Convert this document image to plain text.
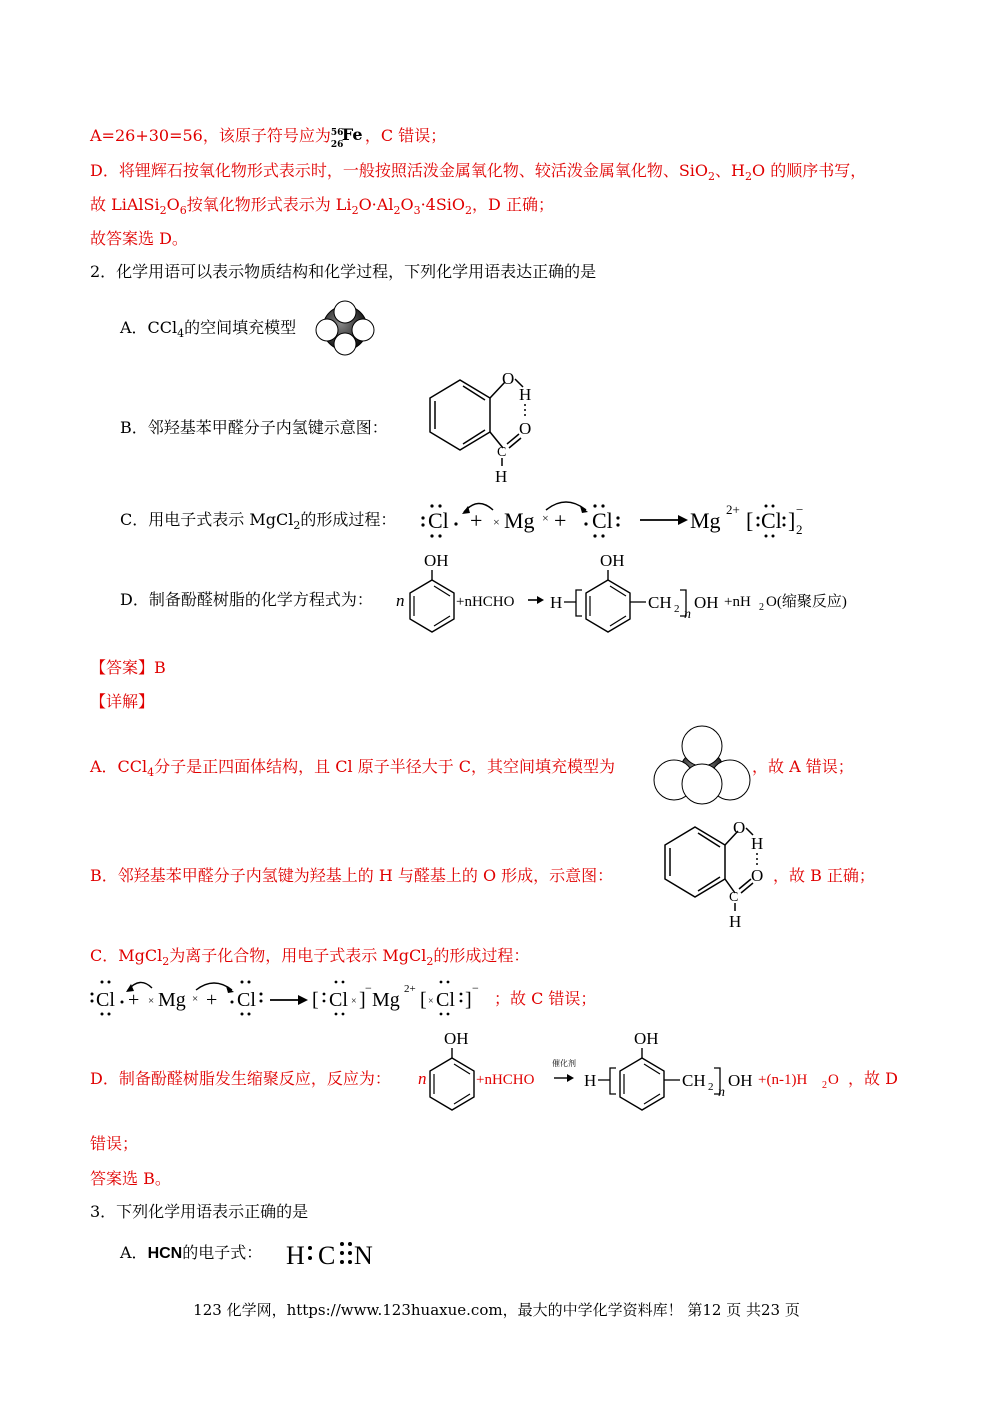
A=26+30=56，该原子符号应为 56
26
Fe ，C 错误；
D．将锂辉石按氧化物形式表示时，一般按照活泼金属氧化物、较活泼金属氧化物、SiO$_2$、$H_2O$ 的顺序书写，
故 $LiAlSi_2O_6$按氧化物形式表示为 $Li_2O\cdot Al_2O_3\cdot 4SiO_2$，D 正确；
故答案选 D。
2．化学用语可以表示物质结构和化学过程，下列化学用语表达正确的是
A．CCl$_4$的空间填充模型
B．邻羟基苯甲醛分子内氢键示意图：
O
H
C
O
H
C．用电子式表示 MgCl$_2$的形成过程： Cl + × Mg × + Cl	Mg 2+ [ Cl ] −
2
D．制备酚醛树脂的化学方程式为： n
OH
+nHCHO H
OH
CH 2 n
OH +nH 2 O(缩聚反应)
【答案】B
【详解】
A．CCl$_4$分子是正四面体结构，且 Cl 原子半径大于 C，其空间填充模型为	，故 A 错误；
B．邻羟基苯甲醛分子内氢键为羟基上的 H 与醛基上的 O 形成，示意图：
O
H
C
O
H
，故 B 正确；
C．MgCl$_2$为离子化合物，用电子式表示 MgCl$_2$的形成过程：
Cl + × Mg × + Cl	[ Cl × ]
−
Mg 2+ [ × Cl ]
−
；故 C 错误；
D．制备酚醛树脂发生缩聚反应，反应为： n
OH
+nHCHO
催化剂
H
OH
CH 2 n
OH +(n-1)H 2 O ，故 D
错误；
答案选 B。
3．下列化学用语表示正确的是
A．HCN的电子式： H C N
123 化学网，https://www.123huaxue.com，最大的中学化学资料库！ 第12 页 共23 页
